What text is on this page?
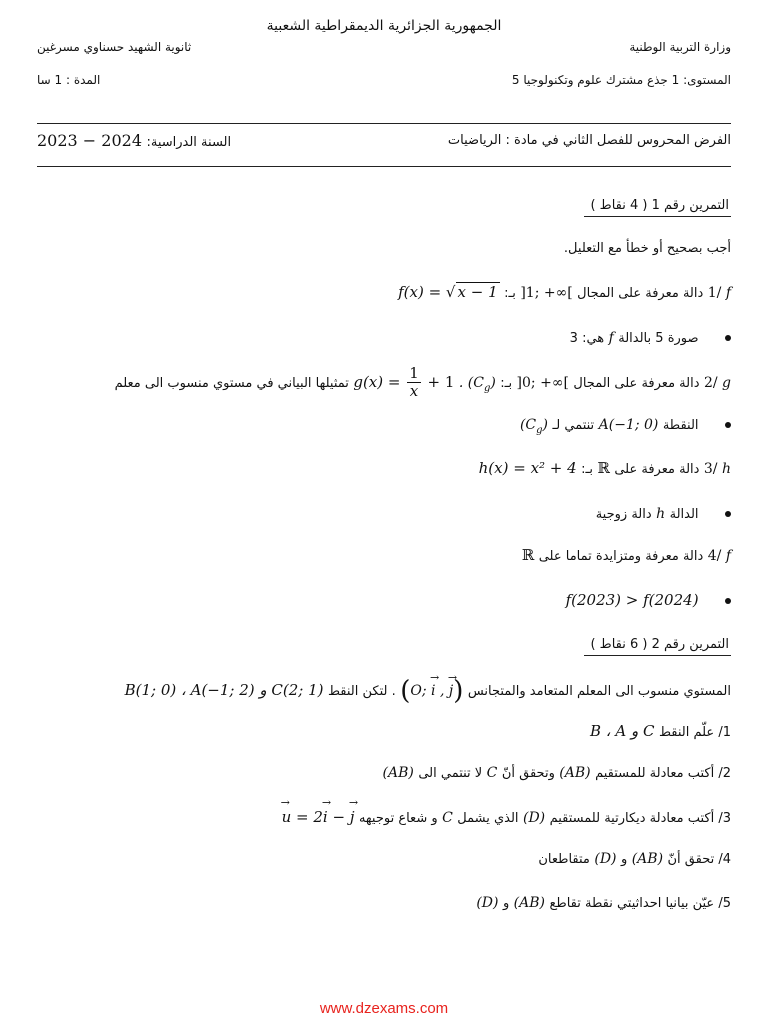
الجمهورية الجزائرية الديمقراطية الشعبية
وزارة التربية الوطنية
ثانوية الشهيد حسناوي مسرغين
المستوى: 1 جذع مشترك علوم وتكنولوجيا 5
المدة : 1 سا
الفرض المحروس للفصل الثاني في مادة : الرياضيات
السنة الدراسية: 2023 − 2024
التمرين رقم 1 ( 4 نقاط )
أجب بصحيح أو خطأ مع التعليل.
1/ f دالة معرفة على المجال ]1; +∞[ بـ: f(x) = √ x − 1
صورة 5 بالدالة f هي: 3
2/ g دالة معرفة على المجال ]0; +∞[ بـ: $g(x) = \frac{1}{x} + 1$ . $(C_g)$ تمثيلها البياني في مستوي منسوب الى معلم
النقطة A(−1; 0) تنتمي لـ $(C_g)$
3/ h دالة معرفة على ℝ بـ: h(x) = x² + 4
الدالة h دالة زوجية
4/ f دالة معرفة ومتزايدة تماما على ℝ
f(2023) > f(2024)
التمرين رقم 2 ( 6 نقاط )
المستوي منسوب الى المعلم المتعامد والمتجانس (O; → i , → j) . لتكن النقط C(2; 1) و B(1; 0) ، A(−1; 2)
1/ علّم النقط C و B ، A
2/ أكتب معادلة للمستقيم (AB) وتحقق أنّ C لا تنتمي الى (AB)
3/ أكتب معادلة ديكارتية للمستقيم (D) الذي يشمل C و شعاع توجيهه → u = 2→ i − → j
4/ تحقق أنّ (AB) و (D) متقاطعان
5/ عيّن بيانيا احداثيتي نقطة تقاطع (AB) و (D)
www.dzexams.com
